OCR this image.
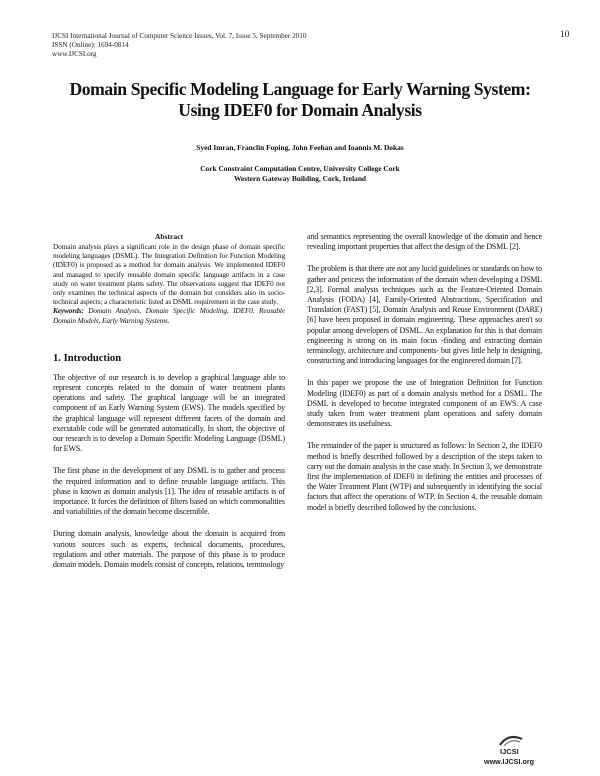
IJCSI International Journal of Computer Science Issues, Vol. 7, Issue 5, September 2010
ISSN (Online): 1694-0814
www.IJCSI.org
10
Domain Specific Modeling Language for Early Warning System:
Using IDEF0 for Domain Analysis
Syed Imran, Franclin Foping, John Feehan and Ioannis M. Dokas
Cork Constraint Computation Centre, University College Cork
Western Gateway Building, Cork, Ireland
Abstract

Domain analysis plays a significant role in the design phase of domain specific modeling languages (DSML). The Integration Definition for Function Modeling (IDEF0) is proposed as a method for domain analysis. We implemented IDEF0 and managed to specify reusable domain specific language artifacts in a case study on water treatment plants safety. The observations suggest that IDEF0 not only examines the technical aspects of the domain but considers also its socio-technical aspects; a characteristic listed as DSML requirement in the case study.

Keywords: Domain Analysis, Domain Specific Modeling, IDEF0, Reusable Domain Models, Early Warning Systems.

1. Introduction

The objective of our research is to develop a graphical language able to represent concepts related to the domain of water treatment plants operations and safety. The graphical language will be an integrated component of an Early Warning System (EWS). The models specified by the graphical language will represent different facets of the domain and executable code will be generated automatically. In short, the objective of our research is to develop a Domain Specific Modeling Language (DSML) for EWS.

The first phase in the development of any DSML is to gather and process the required information and to define reusable language artifacts. This phase is known as domain analysis [1]. The idea of reusable artifacts is of importance. It forces the definition of filters based on which commonalities and variabilities of the domain become discernible.

During domain analysis, knowledge about the domain is acquired from various sources such as experts, technical documents, procedures, regulations and other materials. The purpose of this phase is to produce domain models. Domain models consist of concepts, relations, terminology

and semantics representing the overall knowledge of the domain and hence revealing important properties that affect the design of the DSML [2].

The problem is that there are not any lucid guidelines or standards on how to gather and process the information of the domain when developing a DSML [2,3]. Formal analysis techniques such as the Feature-Oriented Domain Analysis (FODA) [4], Family-Oriented Abstractions, Specification and Translation (FAST) [5], Domain Analysis and Reuse Environment (DARE) [6] have been proposed in domain engineering. These approaches aren't so popular among developers of DSML. An explanation for this is that domain engineering is strong on its main focus -finding and extracting domain terminology, architecture and components- but gives little help in designing, constructing and introducing languages for the engineered domain [7].

In this paper we propose the use of Integration Definition for Function Modeling (IDEF0) as part of a domain analysis method for a DSML. The DSML is developed to become integrated component of an EWS. A case study taken from water treatment plant operations and safety domain demonstrates its usefulness.

The remainder of the paper is structured as follows: In Section 2, the IDEF0 method is briefly described followed by a description of the steps taken to carry out the domain analysis in the case study. In Section 3, we demonstrate first the implementation of IDEF0 in defining the entities and processes of the Water Treatment Plant (WTP) and subsequently in identifying the social factors that affect the operations of WTP. In Section 4, the reusable domain model is briefly described followed by the conclusions.

IJCSI
www.IJCSI.org
